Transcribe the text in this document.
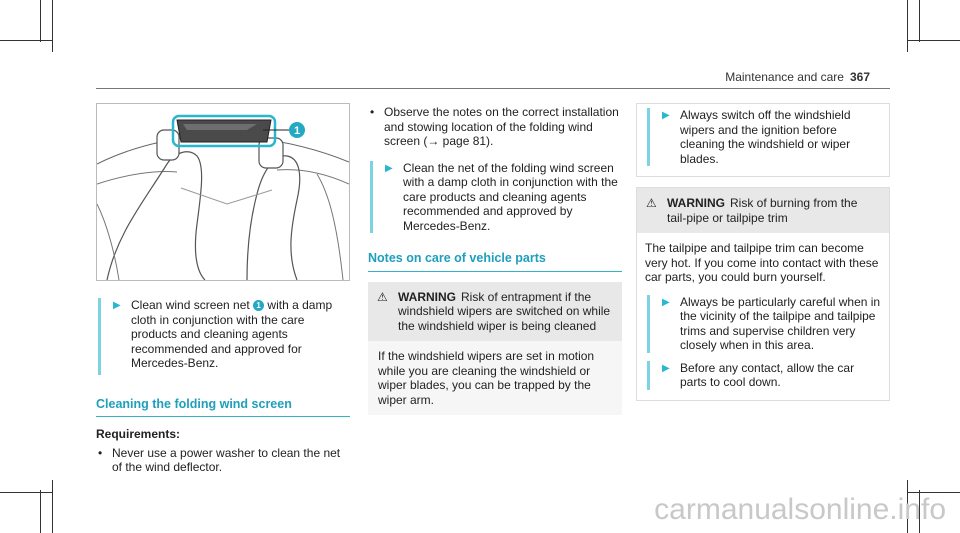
Maintenance and care 367
1
▶ Clean wind screen net 1 with a damp cloth in conjunction with the care products and cleaning agents recommended and approved for Mercedes-Benz.
Cleaning the folding wind screen
Requirements:
• Never use a power washer to clean the net of the wind deflector.
• Observe the notes on the correct installation and stowing location of the folding wind screen (→ page 81).
▶ Clean the net of the folding wind screen with a damp cloth in conjunction with the care products and cleaning agents recommended and approved by Mercedes-Benz.
Notes on care of vehicle parts
⚠ WARNING Risk of entrapment if the windshield wipers are switched on while the windshield wiper is being cleaned
If the windshield wipers are set in motion while you are cleaning the windshield or wiper blades, you can be trapped by the wiper arm.
▶ Always switch off the windshield wipers and the ignition before cleaning the windshield or wiper blades.
⚠ WARNING Risk of burning from the tail-pipe or tailpipe trim
The tailpipe and tailpipe trim can become very hot. If you come into contact with these car parts, you could burn yourself.
▶ Always be particularly careful when in the vicinity of the tailpipe and tailpipe trims and supervise children very closely when in this area.
▶ Before any contact, allow the car parts to cool down.
carmanualsonline.info
